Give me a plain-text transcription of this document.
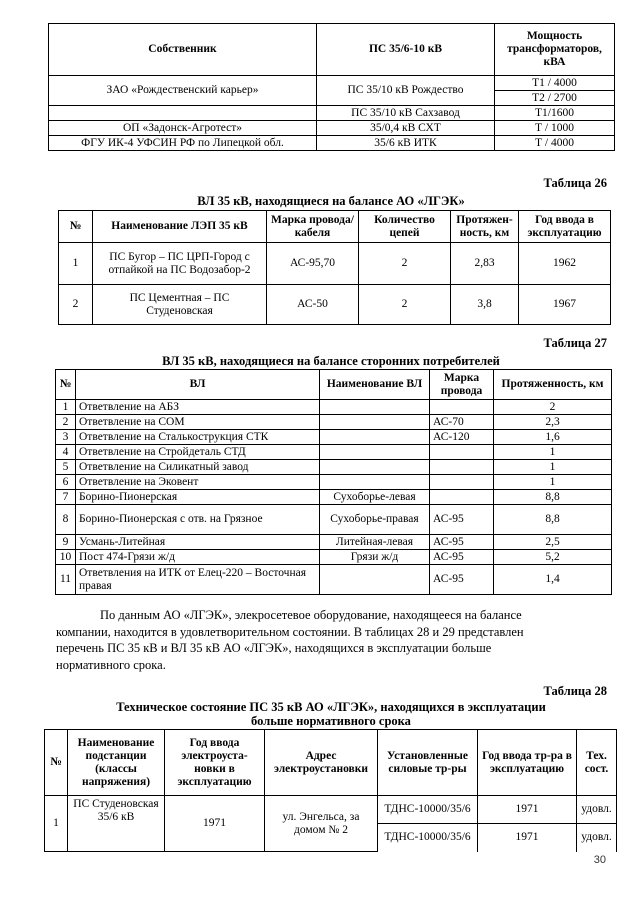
Собственник	ПС 35/6-10 кВ	Мощность трансформаторов, кВА
ЗАО «Рождественский карьер»	ПС 35/10 кВ Рождество	Т1 / 4000
		Т2 / 2700
	ПС 35/10 кВ Сахзавод	Т1/1600
ОП «Задонск-Агротест»	35/0,4 кВ СХТ	Т / 1000
ФГУ ИК-4 УФСИН РФ по Липецкой обл.	35/6 кВ ИТК	Т / 4000
Таблица 26
ВЛ 35 кВ, находящиеся на балансе АО «ЛГЭК»
№	Наименование ЛЭП 35 кВ	Марка провода/кабеля	Количество цепей	Протяжен-ность, км	Год ввода в эксплуатацию
1	ПС Бугор – ПС ЦРП-Город с отпайкой на ПС Водозабор-2	АС-95,70	2	2,83	1962
2	ПС Цементная – ПС Студеновская	АС-50	2	3,8	1967
Таблица 27
ВЛ 35 кВ, находящиеся на балансе сторонних потребителей
№	ВЛ	Наименование ВЛ	Марка провода	Протяженность, км
1	Ответвление на АБЗ			2
2	Ответвление на СОМ		АС-70	2,3
3	Ответвление на Сталькострукция СТК		АС-120	1,6
4	Ответвление на Стройдеталь СТД			1
5	Ответвление на Силикатный завод			1
6	Ответвление на Эковент			1
7	Борино-Пионерская	Сухоборье-левая		8,8
8	Борино-Пионерская с отв. на Грязное	Сухоборье-правая	АС-95	8,8
9	Усмань-Литейная	Литейная-левая	АС-95	2,5
10	Пост 474-Грязи ж/д	Грязи ж/д	АС-95	5,2
11	Ответвления на ИТК от Елец-220 – Восточная правая		АС-95	1,4
По данным АО «ЛГЭК», элекросетевое оборудование, находящееся на балансе
компании, находится в удовлетворительном состоянии. В таблицах 28 и 29 представлен
перечень ПС 35 кВ и ВЛ 35 кВ АО «ЛГЭК», находящихся в эксплуатации больше
нормативного срока.
Таблица 28
Техническое состояние ПС 35 кВ АО «ЛГЭК», находящихся в эксплуатации
больше нормативного срока
№	Наименование подстанции (классы напряжения)	Год ввода электроуста-новки в эксплуатацию	Адрес электроустановки	Установленные силовые тр-ры	Год ввода тр-ра в эксплуатацию	Тех. сост.
1	ПС Студеновская 35/6 кВ	1971	ул. Энгельса, за домом № 2	ТДНС-10000/35/6	1971	удовл.
				ТДНС-10000/35/6	1971	удовл.
30
